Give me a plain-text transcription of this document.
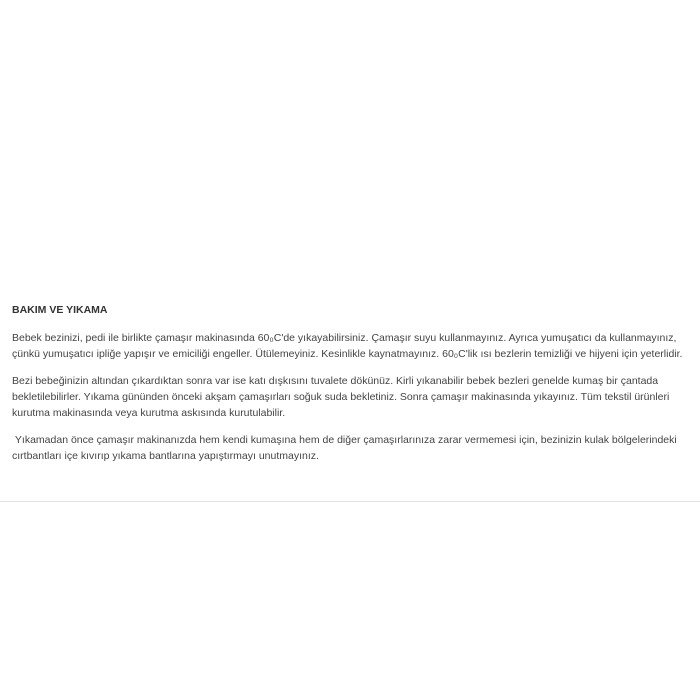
BAKIM VE YIKAMA

Bebek bezinizi, pedi ile birlikte çamaşır makinasında 60₀C'de yıkayabilirsiniz. Çamaşır suyu kullanmayınız. Ayrıca yumuşatıcı da kullanmayınız, çünkü yumuşatıcı ipliğe yapışır ve emiciliği engeller. Ütülemeyiniz. Kesinlikle kaynatmayınız. 60₀C'lik ısı bezlerin temizliği ve hijyeni için yeterlidir.

Bezi bebeğinizin altından çıkardıktan sonra var ise katı dışkısını tuvalete dökünüz. Kirli yıkanabilir bebek bezleri genelde kumaş bir çantada bekletilebilirler. Yıkama gününden önceki akşam çamaşırları soğuk suda bekletiniz. Sonra çamaşır makinasında yıkayınız. Tüm tekstil ürünleri kurutma makinasında veya kurutma askısında kurutulabilir.

Yıkamadan önce çamaşır makinanızda hem kendi kumaşına hem de diğer çamaşırlarınıza zarar vermemesi için, bezinizin kulak bölgelerindeki cırtbantları içe kıvırıp yıkama bantlarına yapıştırmayı unutmayınız.
